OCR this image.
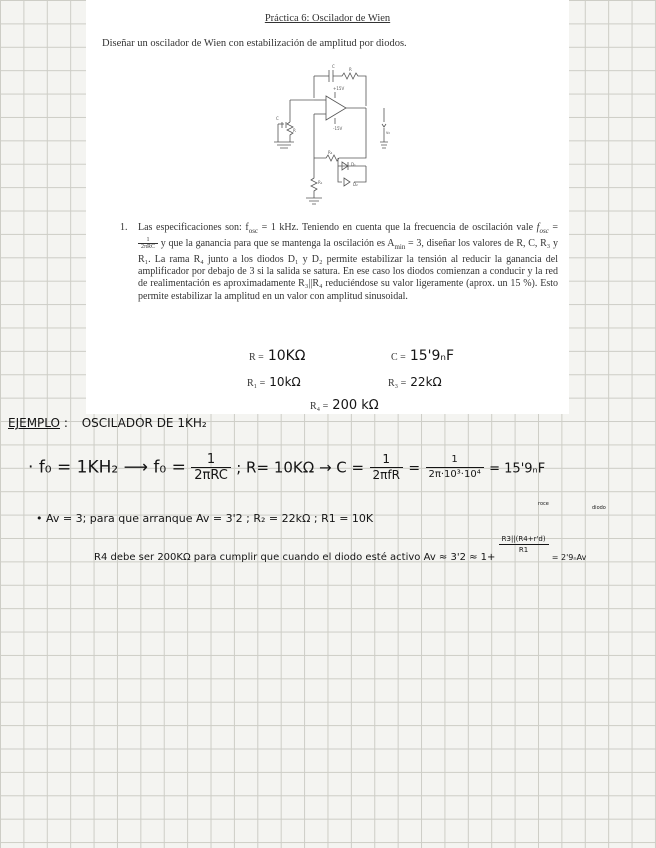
Práctica 6: Oscilador de Wien
Diseñar un oscilador de Wien con estabilización de amplitud por diodos.
C
R
+15V
-15V
C
R
R₄
D₁
D₂
R₁
v₀
1. Las especificaciones son: $f_{osc} = 1$ kHz. Teniendo en cuenta que la frecuencia de oscilación vale $f_{osc}$ =
$\frac{1}{\text{2πRC}}$ y que la ganancia para que se mantenga la oscilación es $A_{min} = 3$, diseñar los valores de R, C, R₃ y R₁. La rama R₄ junto a los diodos D₁ y D₂ permite estabilizar la tensión al reducir la ganancia del amplificador por debajo de 3 si la salida se satura. En ese caso los diodos comienzan a conducir y la red de realimentación es aproximadamente R₃||R₄ reduciéndose su valor ligeramente (aprox. un 15 %). Esto permite estabilizar la amplitud en un valor con amplitud sinusoidal.
R = 10KΩ	C = 15'9ₙF
R₁ = 10kΩ	R₃ = 22kΩ
R₄ = 200 kΩ
EJEMPLO : OSCILADOR DE 1KH₂
· f₀ = 1KH₂ ⟶ $f_0 = \frac{1}{\text{2πRC}}$ ; $R= 10K\Omega \to C = \frac{1}{\text{2πfR}} = \frac{1}{\text{2π·10³·10⁴}} = 15'9_nF$
• Av = 3; para que arranque Av = 3'2 ; R₂ = 22kΩ ; R1 = 10K
roce
diodo
R4 debe ser 200KΩ para cumplir que cuando el diodo esté activo Av ≈ 3'2 ≈ 1+
$\frac{R3||(R4+r'd)}{R1}$
= 2'9ₙAv
